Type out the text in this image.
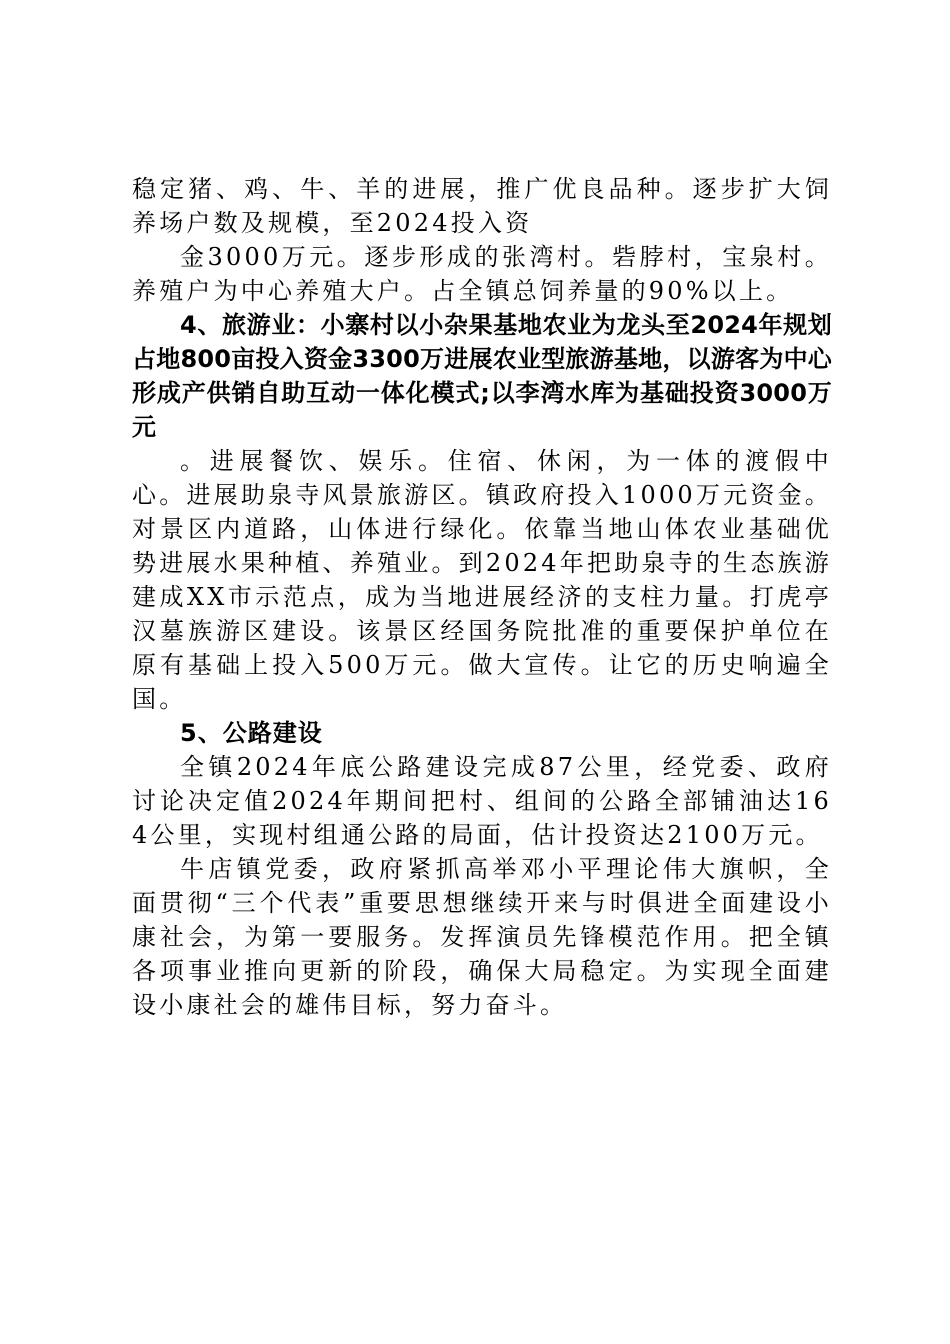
稳定猪、鸡、牛、羊的进展，推广优良品种。逐步扩大饲养场户数及规模，至2024投入资

金3000万元。逐步形成的张湾村。砦脖村，宝泉村。养殖户为中心养殖大户。占全镇总饲养量的90%以上。

4、旅游业：小寨村以小杂果基地农业为龙头至2024年规划占地800亩投入资金3300万进展农业型旅游基地，以游客为中心形成产供销自助互动一体化模式;以李湾水库为基础投资3000万元

。进展餐饮、娱乐。住宿、休闲，为一体的渡假中心。进展助泉寺风景旅游区。镇政府投入1000万元资金。对景区内道路，山体进行绿化。依靠当地山体农业基础优势进展水果种植、养殖业。到2024年把助泉寺的生态族游建成XX市示范点，成为当地进展经济的支柱力量。打虎亭汉墓族游区建设。该景区经国务院批准的重要保护单位在原有基础上投入500万元。做大宣传。让它的历史响遍全国。

5、公路建设

全镇2024年底公路建设完成87公里，经党委、政府讨论决定值2024年期间把村、组间的公路全部铺油达164公里，实现村组通公路的局面，估计投资达2100万元。

牛店镇党委，政府紧抓高举邓小平理论伟大旗帜，全面贯彻“三个代表”重要思想继续开来与时俱进全面建设小康社会，为第一要服务。发挥演员先锋模范作用。把全镇各项事业推向更新的阶段，确保大局稳定。为实现全面建设小康社会的雄伟目标，努力奋斗。
